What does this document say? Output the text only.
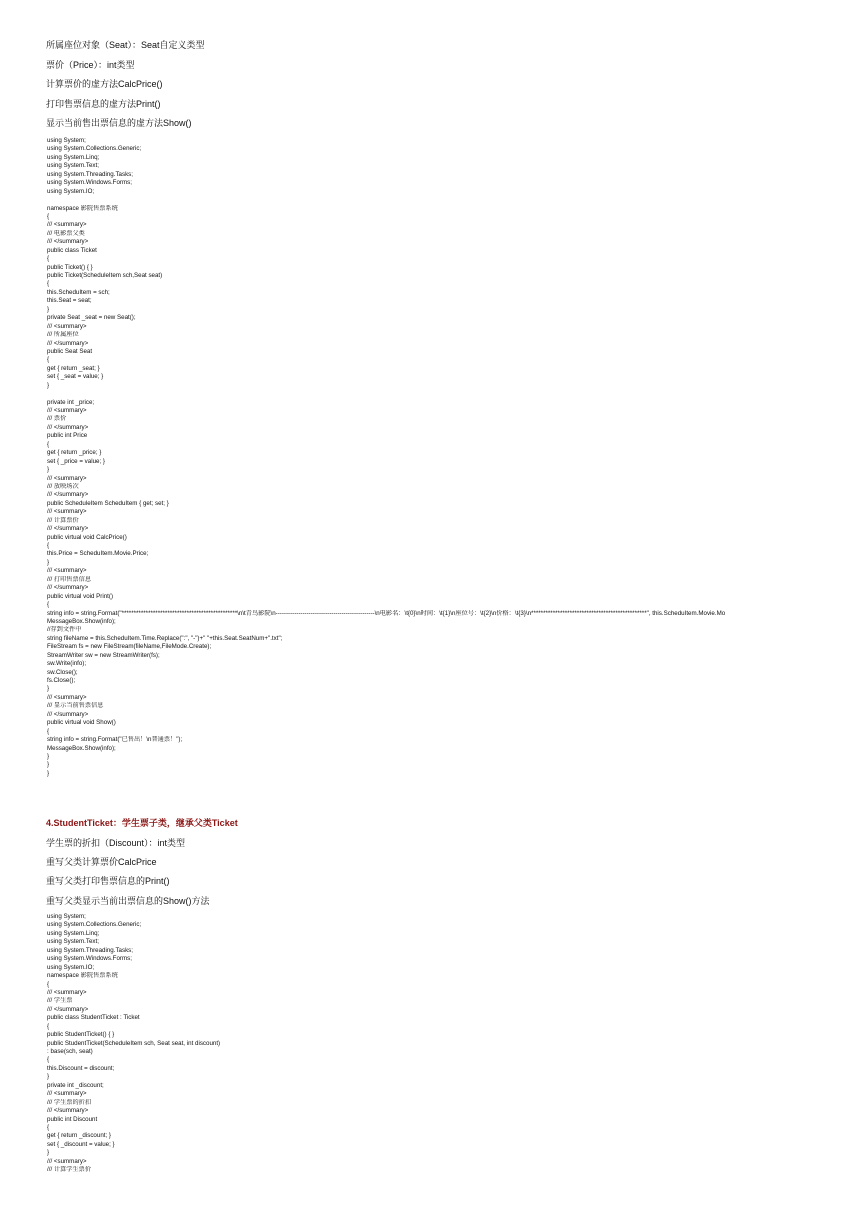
所属座位对象（Seat）：Seat自定义类型
票价（Price）：int类型
计算票价的虚方法CalcPrice()
打印售票信息的虚方法Print()
显示当前售出票信息的虚方法Show()
using System;
using System.Collections.Generic;
using System.Linq;
using System.Text;
using System.Threading.Tasks;
using System.Windows.Forms;
using System.IO;
namespace 影院售票系统
{
/// <summary>
/// 电影票父类
/// </summary>
public class Ticket
{
public Ticket() { }
public Ticket(ScheduleItem sch,Seat seat)
{
this.ScheduItem = sch;
this.Seat = seat;
}
private Seat _seat = new Seat();
/// <summary>
/// 所属座位
/// </summary>
public Seat Seat
{
get { return _seat; }
set { _seat = value; }
}
private int _price;
/// <summary>
/// 票价
/// </summary>
public int Price
{
get { return _price; }
set { _price = value; }
}
/// <summary>
/// 放映场次
/// </summary>
public ScheduleItem ScheduItem { get; set; }
/// <summary>
/// 计算票价
/// </summary>
public virtual void CalcPrice()
{
this.Price = ScheduItem.Movie.Price;
}
/// <summary>
/// 打印售票信息
/// </summary>
public virtual void Print()
{
string info = string.Format("************************************************\n\t青鸟影院\n------------------------------------------------\n电影名：\t{0}\n时间：\t{1}\n座位号：\t{2}\n价格：\t{3}\n************************************************", this.ScheduItem.Movie.Mo
MessageBox.Show(info);
//存到文件中
string fileName = this.ScheduItem.Time.Replace(":", "-")+" "+this.Seat.SeatNum+".txt";
FileStream fs = new FileStream(fileName,FileMode.Create);
StreamWriter sw = new StreamWriter(fs);
sw.Write(info);
sw.Close();
fs.Close();
}
/// <summary>
/// 显示当前售票信息
/// </summary>
public virtual void Show()
{
string info = string.Format("已售出！\n普通票！");
MessageBox.Show(info);
}
}
}
4.StudentTicket：学生票子类，继承父类Ticket
学生票的折扣（Discount）：int类型
重写父类计算票价CalcPrice
重写父类打印售票信息的Print()
重写父类显示当前出票信息的Show()方法
using System;
using System.Collections.Generic;
using System.Linq;
using System.Text;
using System.Threading.Tasks;
using System.Windows.Forms;
using System.IO;
namespace 影院售票系统
{
/// <summary>
/// 学生票
/// </summary>
public class StudentTicket : Ticket
{
public StudentTicket() { }
public StudentTicket(ScheduleItem sch, Seat seat, int discount)
: base(sch, seat)
{
this.Discount = discount;
}
private int _discount;
/// <summary>
/// 学生票的折扣
/// </summary>
public int Discount
{
get { return _discount; }
set { _discount = value; }
}
/// <summary>
/// 计算学生票价
